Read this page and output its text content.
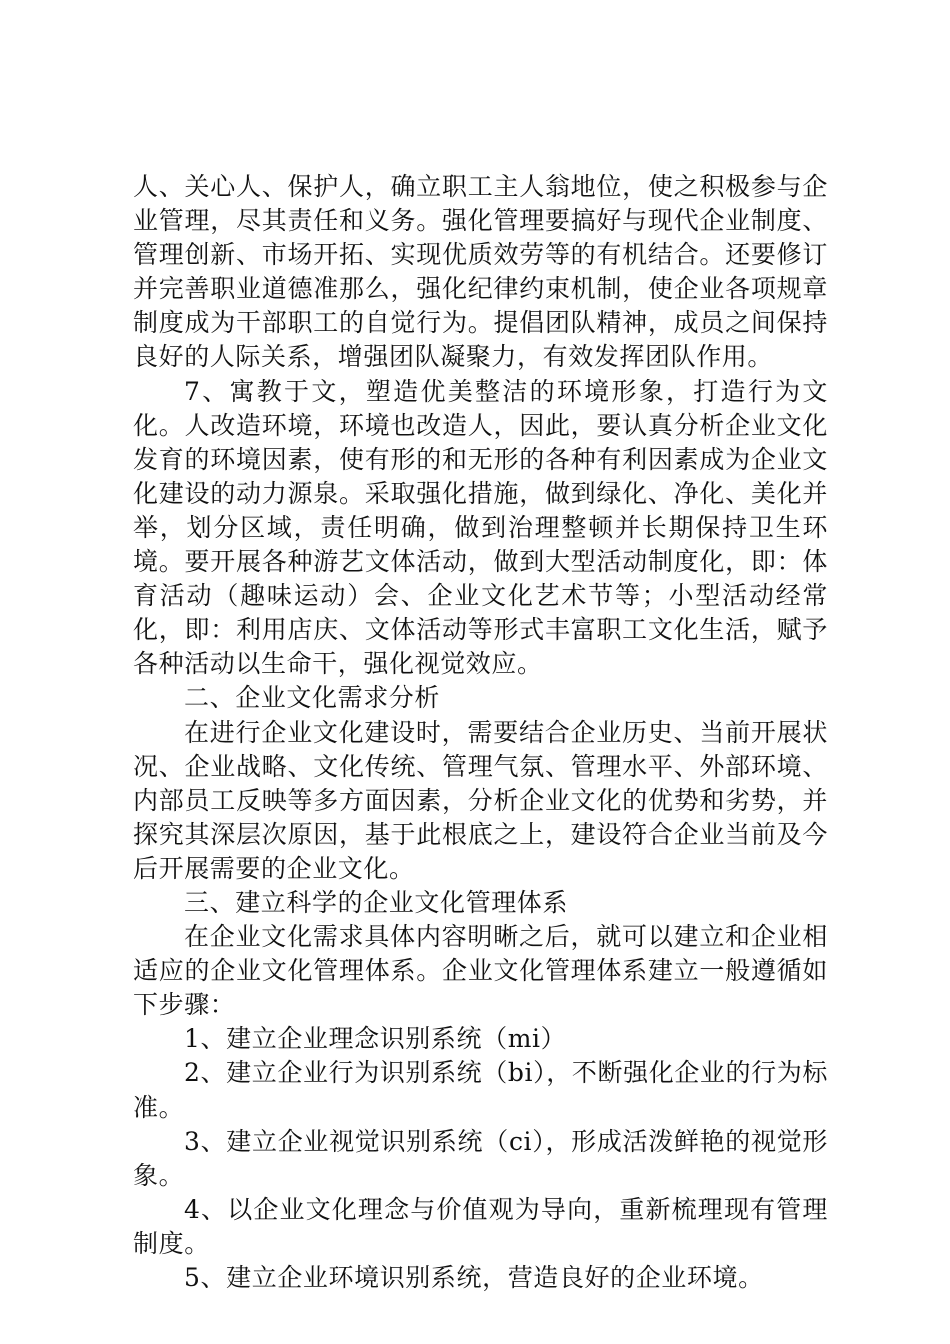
人、关心人、保护人，确立职工主人翁地位，使之积极参与企业管理，尽其责任和义务。强化管理要搞好与现代企业制度、管理创新、市场开拓、实现优质效劳等的有机结合。还要修订并完善职业道德准那么，强化纪律约束机制，使企业各项规章制度成为干部职工的自觉行为。提倡团队精神，成员之间保持良好的人际关系，增强团队凝聚力，有效发挥团队作用。

7、寓教于文，塑造优美整洁的环境形象，打造行为文化。人改造环境，环境也改造人，因此，要认真分析企业文化发育的环境因素，使有形的和无形的各种有利因素成为企业文化建设的动力源泉。采取强化措施，做到绿化、净化、美化并举，划分区域，责任明确，做到治理整顿并长期保持卫生环境。要开展各种游艺文体活动，做到大型活动制度化，即：体育活动（趣味运动）会、企业文化艺术节等；小型活动经常化，即：利用店庆、文体活动等形式丰富职工文化生活，赋予各种活动以生命干，强化视觉效应。

二、企业文化需求分析

在进行企业文化建设时，需要结合企业历史、当前开展状况、企业战略、文化传统、管理气氛、管理水平、外部环境、内部员工反映等多方面因素，分析企业文化的优势和劣势，并探究其深层次原因，基于此根底之上，建设符合企业当前及今后开展需要的企业文化。

三、建立科学的企业文化管理体系

在企业文化需求具体内容明晰之后，就可以建立和企业相适应的企业文化管理体系。企业文化管理体系建立一般遵循如下步骤：

1、建立企业理念识别系统（mi）

2、建立企业行为识别系统（bi），不断强化企业的行为标准。

3、建立企业视觉识别系统（ci），形成活泼鲜艳的视觉形象。

4、以企业文化理念与价值观为导向，重新梳理现有管理制度。

5、建立企业环境识别系统，营造良好的企业环境。
